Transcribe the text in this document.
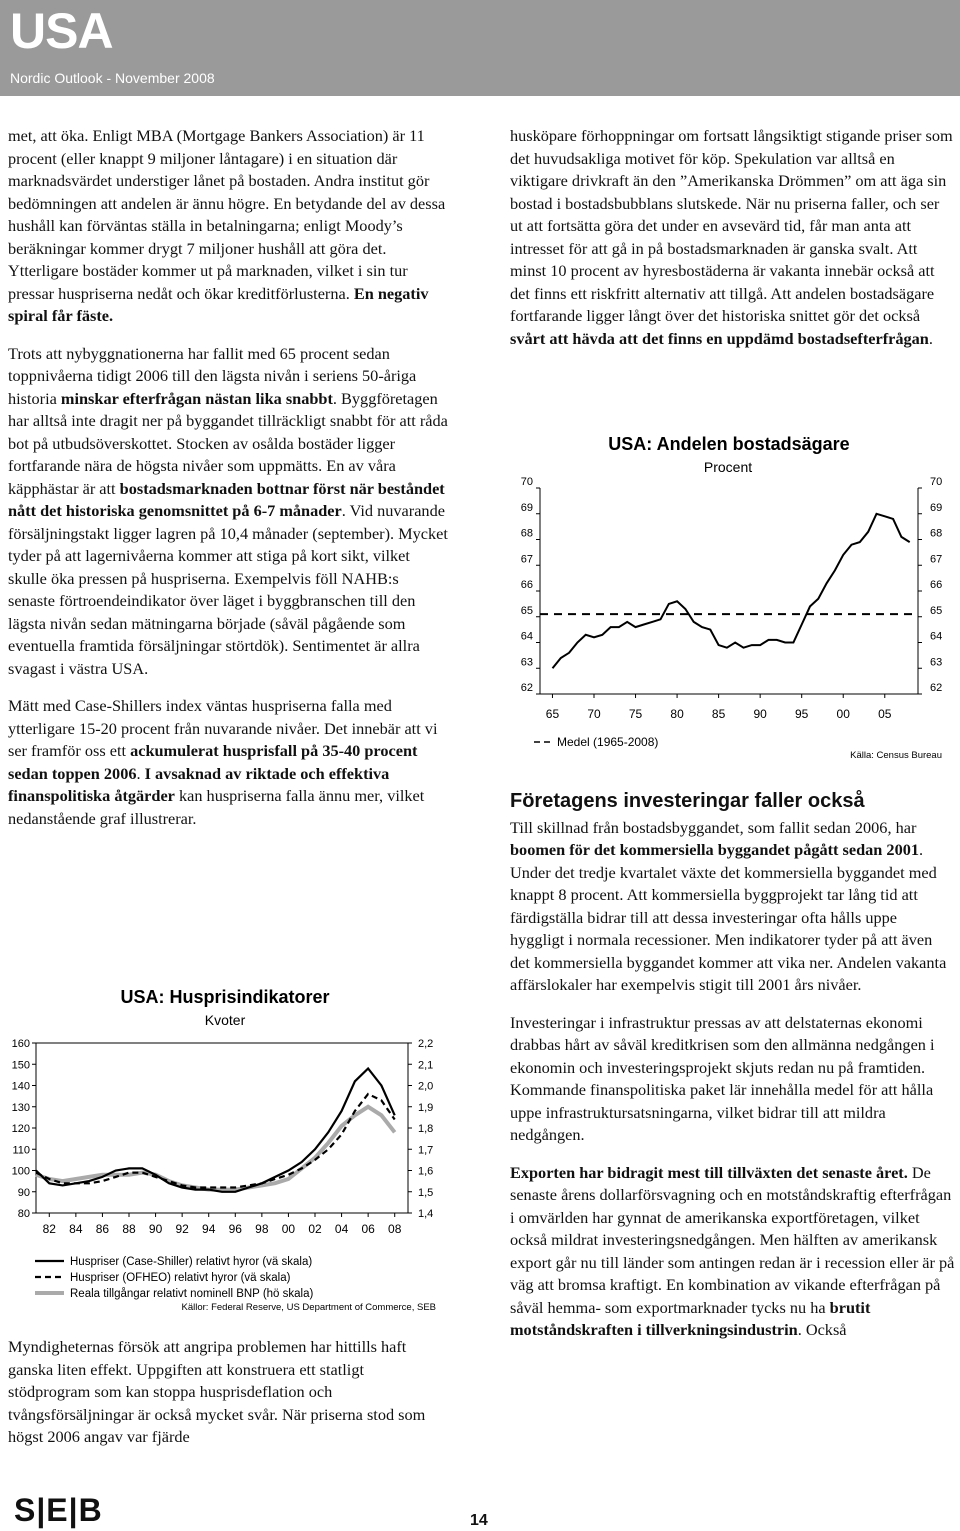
USA
Nordic Outlook - November 2008

met, att öka. Enligt MBA (Mortgage Bankers Association) är 11 procent (eller knappt 9 miljoner låntagare) i en situation där marknadsvärdet understiger lånet på bostaden. Andra institut gör bedömningen att andelen är ännu högre. En betydande del av dessa hushåll kan förväntas ställa in betalningarna; enligt Moody’s beräkningar kommer drygt 7 miljoner hushåll att göra det. Ytterligare bostäder kommer ut på marknaden, vilket i sin tur pressar huspriserna nedåt och ökar kreditförlusterna. En negativ spiral får fäste.

Trots att nybyggnationerna har fallit med 65 procent sedan toppnivåerna tidigt 2006 till den lägsta nivån i seriens 50-åriga historia minskar efterfrågan nästan lika snabbt. Byggföretagen har alltså inte dragit ner på byggandet tillräckligt snabbt för att råda bot på utbudsöverskottet. Stocken av osålda bostäder ligger fortfarande nära de högsta nivåer som uppmätts. En av våra käpphästar är att bostadsmarknaden bottnar först när beståndet nått det historiska genomsnittet på 6-7 månader. Vid nuvarande försäljningstakt ligger lagren på 10,4 månader (september). Mycket tyder på att lagernivåerna kommer att stiga på kort sikt, vilket skulle öka pressen på huspriserna. Exempelvis föll NAHB:s senaste förtroendeindikator över läget i byggbranschen till den lägsta nivån sedan mätningarna började (såväl pågående som eventuella framtida försäljningar störtdök). Sentimentet är allra svagast i västra USA.

Mätt med Case-Shillers index väntas huspriserna falla med ytterligare 15-20 procent från nuvarande nivåer. Det innebär att vi ser framför oss ett ackumulerat husprisfall på 35-40 procent sedan toppen 2006. I avsaknad av riktade och effektiva finanspolitiska åtgärder kan huspriserna falla ännu mer, vilket nedanstående graf illustrerar.

USA: Husprisindikatorer
Kvoter
160
150
140
130
120
110
100
90
80
2,2
2,1
2,0
1,9
1,8
1,7
1,6
1,5
1,4
82 84 86 88 90 92 94 96 98 00 02 04 06 08
Huspriser (Case-Shiller) relativt hyror (vä skala)
Huspriser (OFHEO) relativt hyror (vä skala)
Reala tillgångar relativt nominell BNP (hö skala)
Källor: Federal Reserve, US Department of Commerce, SEB

Myndigheternas försök att angripa problemen har hittills haft ganska liten effekt. Uppgiften att konstruera ett statligt stödprogram som kan stoppa husprisdeflation och tvångsförsäljningar är också mycket svår. När priserna stod som högst 2006 angav var fjärde

husköpare förhoppningar om fortsatt långsiktigt stigande priser som det huvudsakliga motivet för köp. Spekulation var alltså en viktigare drivkraft än den ”Amerikanska Drömmen” om att äga sin bostad i bostadsbubblans slutskede. När nu priserna faller, och ser ut att fortsätta göra det under en avsevärd tid, får man anta att intresset för att gå in på bostadsmarknaden är ganska svalt. Att minst 10 procent av hyresbostäderna är vakanta innebär också att det finns ett riskfritt alternativ att tillgå. Att andelen bostadsägare fortfarande ligger långt över det historiska snittet gör det också svårt att hävda att det finns en uppdämd bostadsefterfrågan.

USA: Andelen bostadsägare
Procent
70
69
68
67
66
65
64
63
62
70
69
68
67
66
65
64
63
62
65 70 75 80 85 90 95 00 05
Medel (1965-2008)
Källa: Census Bureau
Företagens investeringar faller också

Till skillnad från bostadsbyggandet, som fallit sedan 2006, har boomen för det kommersiella byggandet pågått sedan 2001. Under det tredje kvartalet växte det kommersiella byggandet med knappt 8 procent. Att kommersiella byggprojekt tar lång tid att färdigställa bidrar till att dessa investeringar ofta hålls uppe hyggligt i normala recessioner. Men indikatorer tyder på att även det kommersiella byggandet kommer att vika ner. Andelen vakanta affärslokaler har exempelvis stigit till 2001 års nivåer.

Investeringar i infrastruktur pressas av att delstaternas ekonomi drabbas hårt av såväl kreditkrisen som den allmänna nedgången i ekonomin och investeringsprojekt skjuts redan nu på framtiden. Kommande finanspolitiska paket lär innehålla medel för att hålla uppe infrastruktursatsningarna, vilket bidrar till att mildra nedgången.

Exporten har bidragit mest till tillväxten det senaste året. De senaste årens dollarförsvagning och en motståndskraftig efterfrågan i omvärlden har gynnat de amerikanska exportföretagen, vilket också mildrat investeringsnedgången. Men hälften av amerikansk export går nu till länder som antingen redan är i recession eller är på väg att bromsa kraftigt. En kombination av vikande efterfrågan på såväl hemma- som exportmarknader tycks nu ha brutit motståndskraften i tillverkningsindustrin. Också

S|E|B	14
